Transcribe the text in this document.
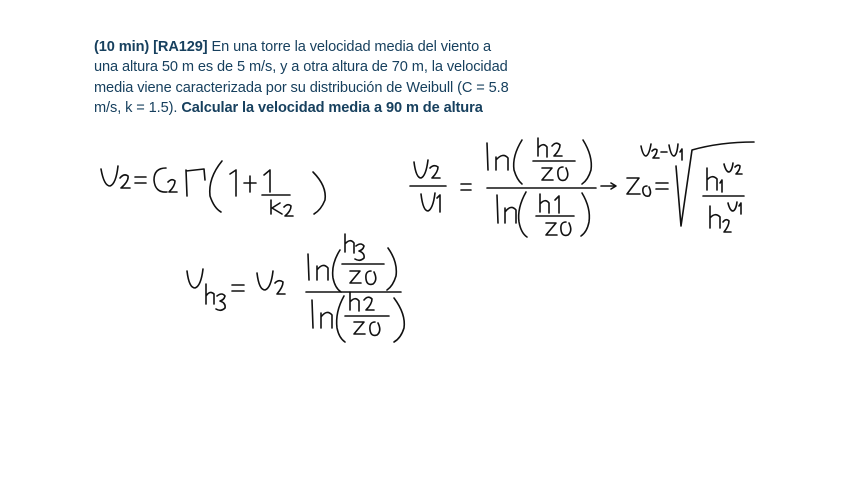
(10 min) [RA129] En una torre la velocidad media del viento a una altura 50 m es de 5 m/s, y a otra altura de 70 m, la velocidad media viene caracterizada por su distribución de Weibull (C = 5.8 m/s, k = 1.5). Calcular la velocidad media a 90 m de altura
